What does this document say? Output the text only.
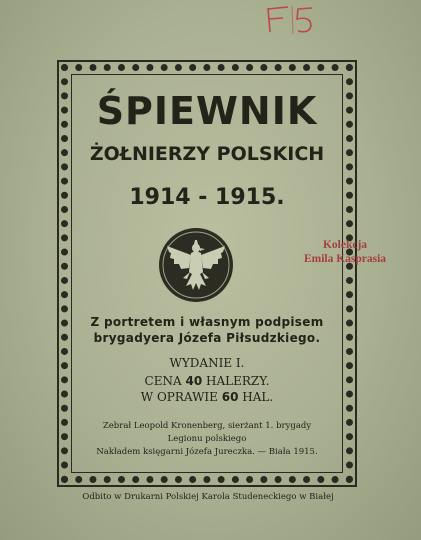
ŚPIEWNIK
ŻOŁNIERZY POLSKICH
1914 - 1915.
Z portretem i własnym podpisem
brygadyera Józefa Piłsudzkiego.
WYDANIE I.
CENA 40 HALERZY.
W OPRAWIE 60 HAL.
Zebrał Leopold Kronenberg, sierżant 1. brygady
Legionu polskiego
Nakładem księgarni Józefa Jureczka. — Biała 1915.
Odbito w Drukarni Polskiej Karola Studeneckiego w Białej
Kolekcja
Emila Kasprasia
